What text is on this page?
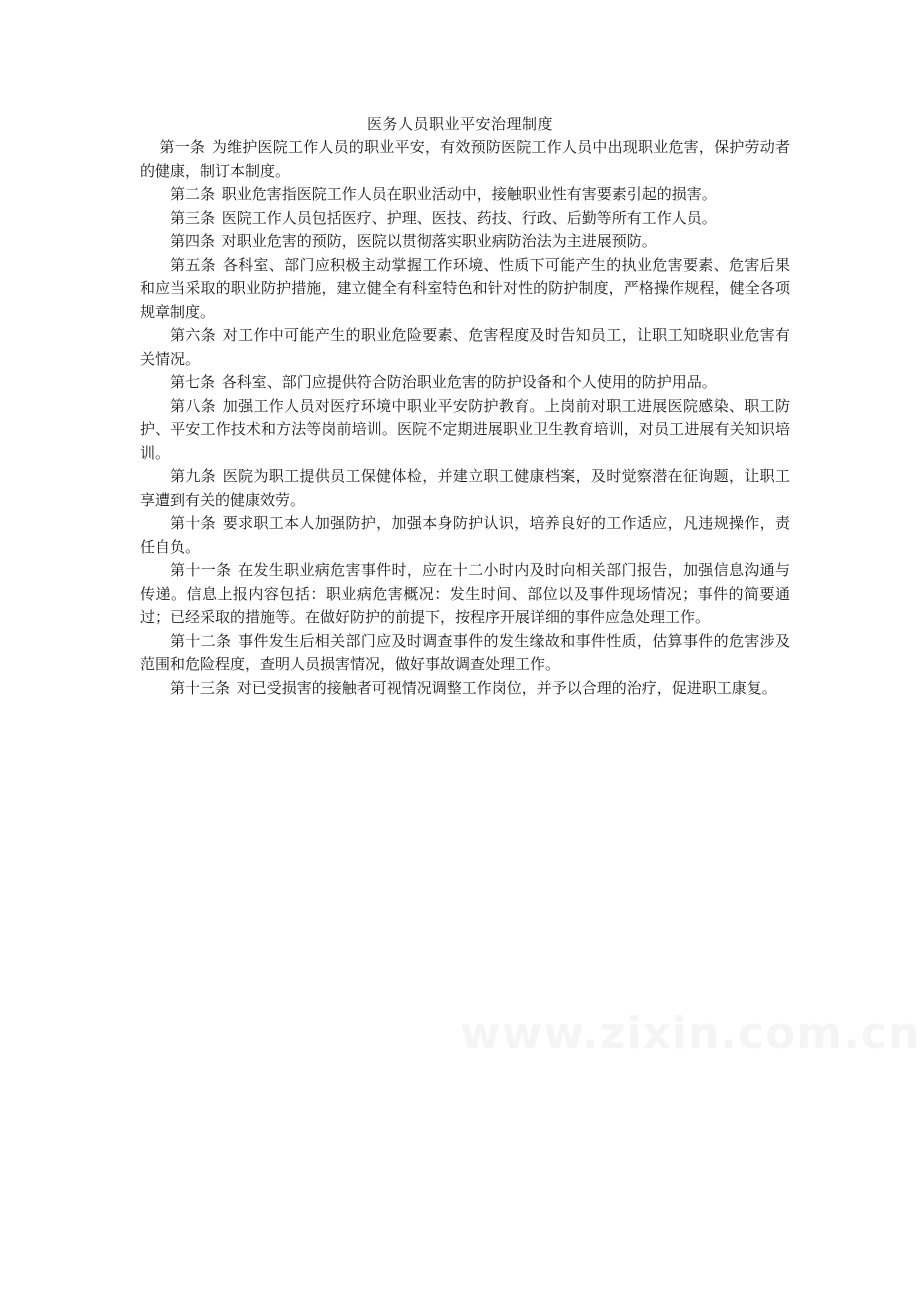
医务人员职业平安治理制度

第一条 为维护医院工作人员的职业平安，有效预防医院工作人员中出现职业危害，保护劳动者的健康，制订本制度。

第二条 职业危害指医院工作人员在职业活动中，接触职业性有害要素引起的损害。

第三条 医院工作人员包括医疗、护理、医技、药技、行政、后勤等所有工作人员。

第四条 对职业危害的预防，医院以贯彻落实职业病防治法为主进展预防。

第五条 各科室、部门应积极主动掌握工作环境、性质下可能产生的执业危害要素、危害后果和应当采取的职业防护措施，建立健全有科室特色和针对性的防护制度，严格操作规程，健全各项规章制度。

第六条 对工作中可能产生的职业危险要素、危害程度及时告知员工，让职工知晓职业危害有关情况。

第七条 各科室、部门应提供符合防治职业危害的防护设备和个人使用的防护用品。

第八条 加强工作人员对医疗环境中职业平安防护教育。上岗前对职工进展医院感染、职工防护、平安工作技术和方法等岗前培训。医院不定期进展职业卫生教育培训，对员工进展有关知识培训。

第九条 医院为职工提供员工保健体检，并建立职工健康档案，及时觉察潜在征询题，让职工享遭到有关的健康效劳。

第十条 要求职工本人加强防护，加强本身防护认识，培养良好的工作适应，凡违规操作，责任自负。

第十一条 在发生职业病危害事件时，应在十二小时内及时向相关部门报告，加强信息沟通与传递。信息上报内容包括：职业病危害概况：发生时间、部位以及事件现场情况；事件的简要通过；已经采取的措施等。在做好防护的前提下，按程序开展详细的事件应急处理工作。

第十二条 事件发生后相关部门应及时调查事件的发生缘故和事件性质，估算事件的危害涉及范围和危险程度，查明人员损害情况，做好事故调查处理工作。

第十三条 对已受损害的接触者可视情况调整工作岗位，并予以合理的治疗，促进职工康复。

www.zixin.com.cn
